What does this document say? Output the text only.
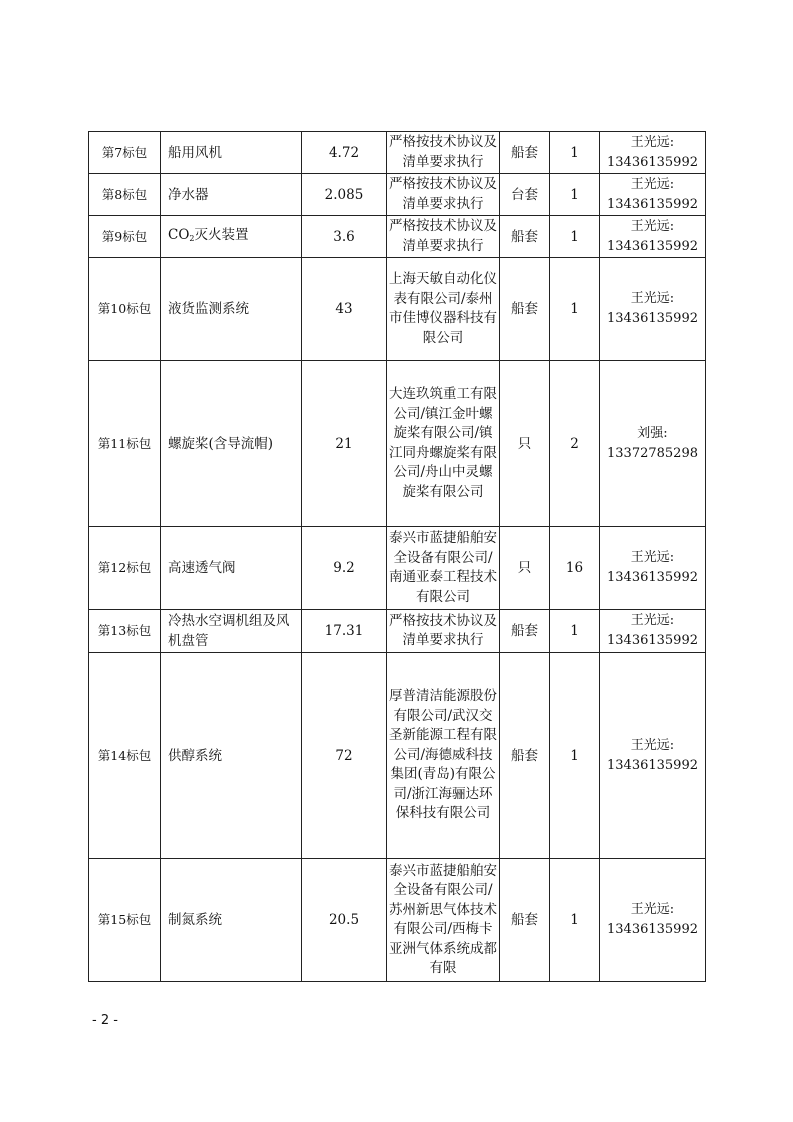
第7标包	船用风机	4.72	严格按技术协议及清单要求执行	船套	1	王光远:
13436135992

第8标包	净水器	2.085	严格按技术协议及清单要求执行	台套	1	王光远:
13436135992

第9标包	$CO_2$灭火装置	3.6	严格按技术协议及清单要求执行	船套	1	王光远:
13436135992

第10标包	液货监测系统	43	上海天敏自动化仪表有限公司/泰州市佳博仪器科技有限公司	船套	1	王光远:
13436135992

第11标包	螺旋桨(含导流帽)	21	大连玖筑重工有限公司/镇江金叶螺旋桨有限公司/镇江同舟螺旋桨有限公司/舟山中灵螺旋桨有限公司	只	2	刘强:
13372785298

第12标包	高速透气阀	9.2	泰兴市蓝捷船舶安全设备有限公司/南通亚泰工程技术有限公司	只	16	王光远:
13436135992

第13标包	冷热水空调机组及风机盘管	17.31	严格按技术协议及清单要求执行	船套	1	王光远:
13436135992

第14标包	供醇系统	72	厚普清洁能源股份有限公司/武汉交圣新能源工程有限公司/海德威科技集团(青岛)有限公司/浙江海骊达环保科技有限公司	船套	1	王光远:
13436135992

第15标包	制氮系统	20.5	泰兴市蓝捷船舶安全设备有限公司/苏州新思气体技术有限公司/西梅卡亚洲气体系统成都有限	船套	1	王光远:
13436135992
- 2 -
